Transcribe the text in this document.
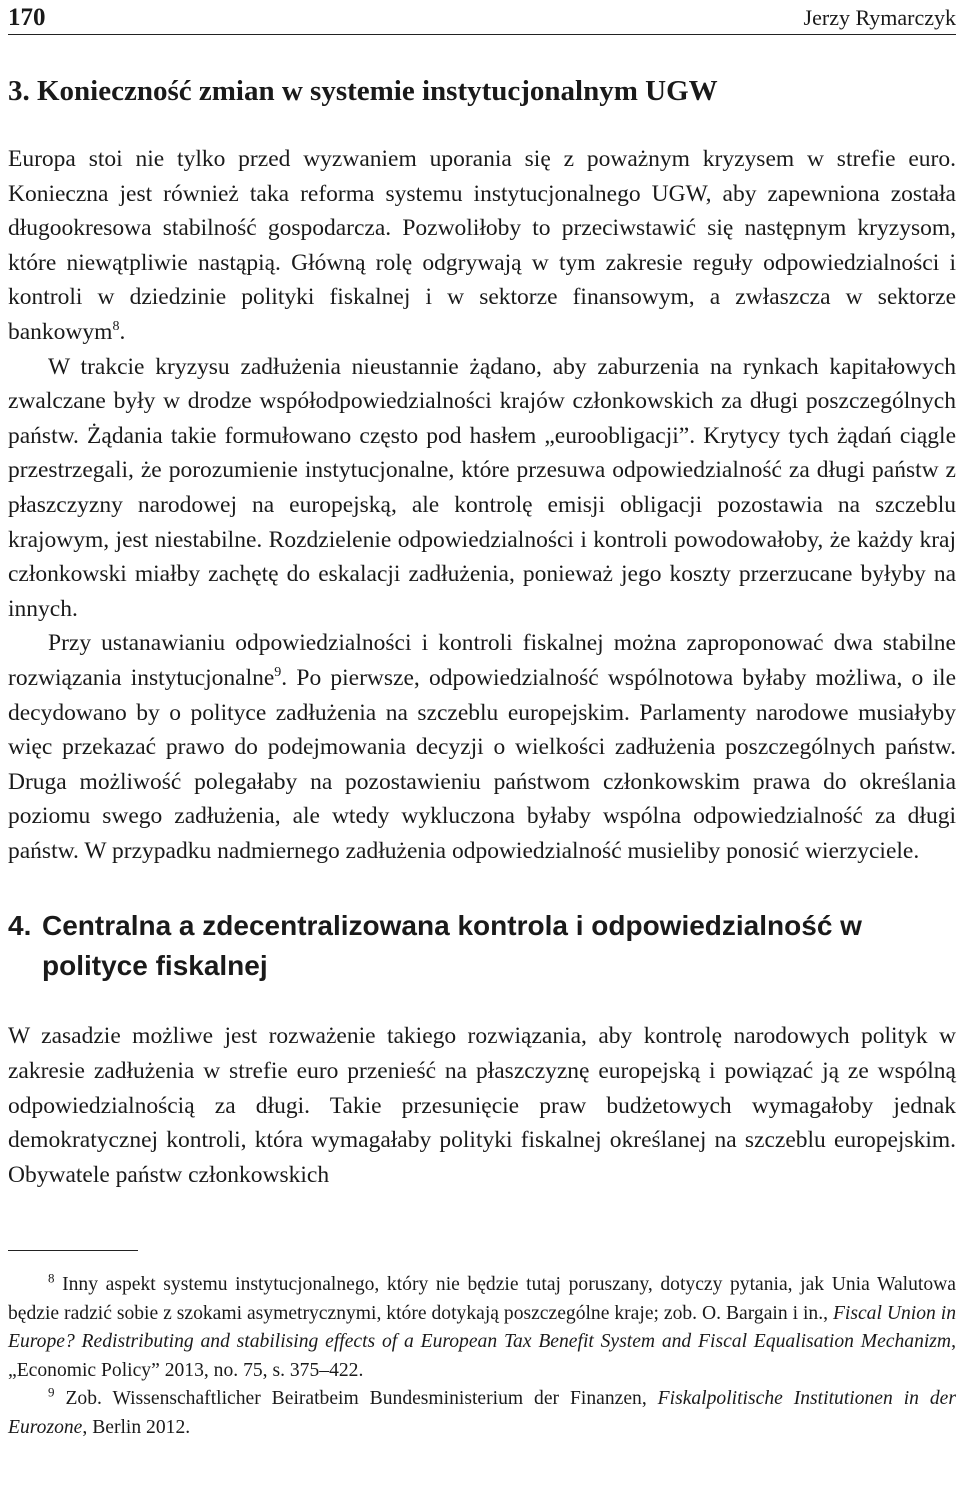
170	Jerzy Rymarczyk
3. Konieczność zmian w systemie instytucjonalnym UGW

Europa stoi nie tylko przed wyzwaniem uporania się z poważnym kryzysem w strefie euro. Konieczna jest również taka reforma systemu instytucjonalnego UGW, aby zapewniona została długookresowa stabilność gospodarcza. Pozwoliłoby to przeciwstawić się następnym kryzysom, które niewątpliwie nastąpią. Główną rolę odgrywają w tym zakresie reguły odpowiedzialności i kontroli w dziedzinie polityki fiskalnej i w sektorze finansowym, a zwłaszcza w sektorze bankowym$^8$.

W trakcie kryzysu zadłużenia nieustannie żądano, aby zaburzenia na rynkach kapitałowych zwalczane były w drodze współodpowiedzialności krajów członkowskich za długi poszczególnych państw. Żądania takie formułowano często pod hasłem „euroobligacji”. Krytycy tych żądań ciągle przestrzegali, że porozumienie instytucjonalne, które przesuwa odpowiedzialność za długi państw z płaszczyzny narodowej na europejską, ale kontrolę emisji obligacji pozostawia na szczeblu krajowym, jest niestabilne. Rozdzielenie odpowiedzialności i kontroli powodowałoby, że każdy kraj członkowski miałby zachętę do eskalacji zadłużenia, ponieważ jego koszty przerzucane byłyby na innych.

Przy ustanawianiu odpowiedzialności i kontroli fiskalnej można zaproponować dwa stabilne rozwiązania instytucjonalne$^9$. Po pierwsze, odpowiedzialność wspólnotowa byłaby możliwa, o ile decydowano by o polityce zadłużenia na szczeblu europejskim. Parlamenty narodowe musiałyby więc przekazać prawo do podejmowania decyzji o wielkości zadłużenia poszczególnych państw. Druga możliwość polegałaby na pozostawieniu państwom członkowskim prawa do określania poziomu swego zadłużenia, ale wtedy wykluczona byłaby wspólna odpowiedzialność za długi państw. W przypadku nadmiernego zadłużenia odpowiedzialność musieliby ponosić wierzyciele.

4. Centralna a zdecentralizowana kontrola i odpowiedzialność w polityce fiskalnej

W zasadzie możliwe jest rozważenie takiego rozwiązania, aby kontrolę narodowych polityk w zakresie zadłużenia w strefie euro przenieść na płaszczyznę europejską i powiązać ją ze wspólną odpowiedzialnością za długi. Takie przesunięcie praw budżetowych wymagałoby jednak demokratycznej kontroli, która wymagałaby polityki fiskalnej określanej na szczeblu europejskim. Obywatele państw członkowskich

$^8$ Inny aspekt systemu instytucjonalnego, który nie będzie tutaj poruszany, dotyczy pytania, jak Unia Walutowa będzie radzić sobie z szokami asymetrycznymi, które dotykają poszczególne kraje; zob. O. Bargain i in., Fiscal Union in Europe? Redistributing and stabilising effects of a European Tax Benefit System and Fiscal Equalisation Mechanizm, „Economic Policy” 2013, no. 75, s. 375–422.

$^9$ Zob. Wissenschaftlicher Beiratbeim Bundesministerium der Finanzen, Fiskalpolitische Institutionen in der Eurozone, Berlin 2012.
